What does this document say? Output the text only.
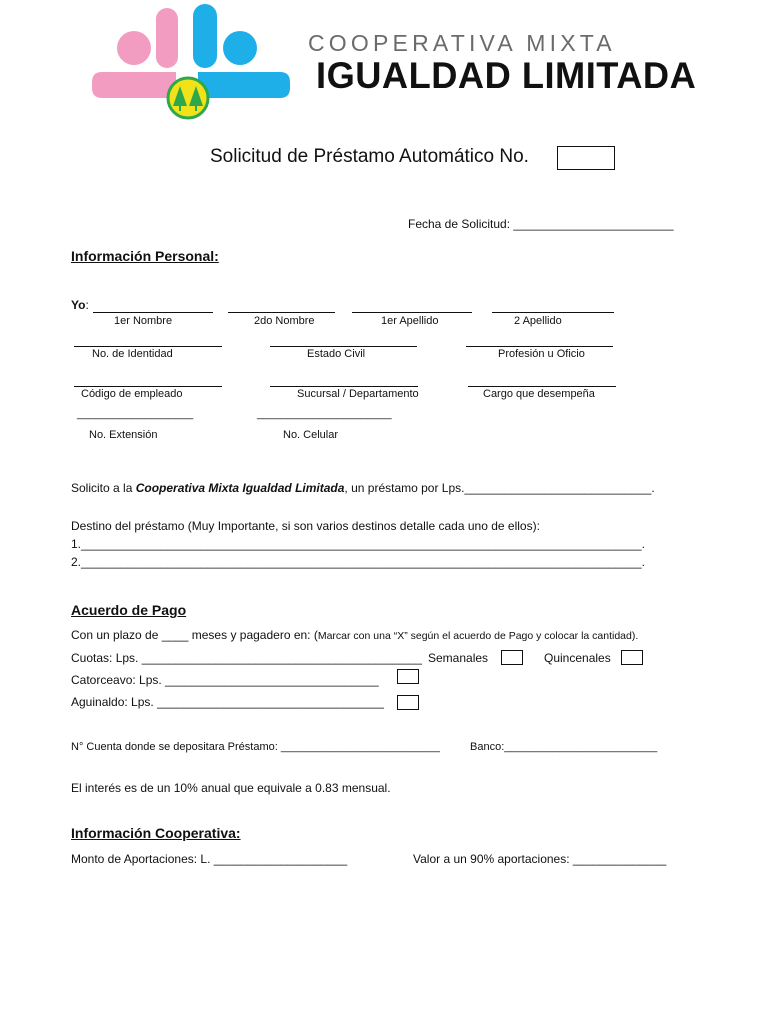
COOPERATIVA MIXTA
IGUALDAD LIMITADA
Solicitud de Préstamo Automático No.
Fecha de Solicitud: ________________________
Información Personal:
Yo:
1er Nombre	2do Nombre	1er Apellido	2 Apellido
No. de Identidad	Estado Civil	Profesión u Oficio
Código de empleado	Sucursal / Departamento	Cargo que desempeña
___________________	______________________
No. Extensión	No. Celular
Solicito a la Cooperativa Mixta Igualdad Limitada, un préstamo por Lps.____________________________.
Destino del préstamo (Muy Importante, si son varios destinos detalle cada uno de ellos):
1.____________________________________________________________________________________.
2.____________________________________________________________________________________.
Acuerdo de Pago
Con un plazo de ____ meses y pagadero en: (Marcar con una “X” según el acuerdo de Pago y colocar la cantidad).
Cuotas: Lps. __________________________________________ Semanales	Quincenales
Catorceavo: Lps. ________________________________
Aguinaldo: Lps. __________________________________
N° Cuenta donde se depositara Préstamo: __________________________	Banco:_________________________
El interés es de un 10% anual que equivale a 0.83 mensual.
Información Cooperativa:
Monto de Aportaciones: L. ____________________	Valor a un 90% aportaciones: ______________
